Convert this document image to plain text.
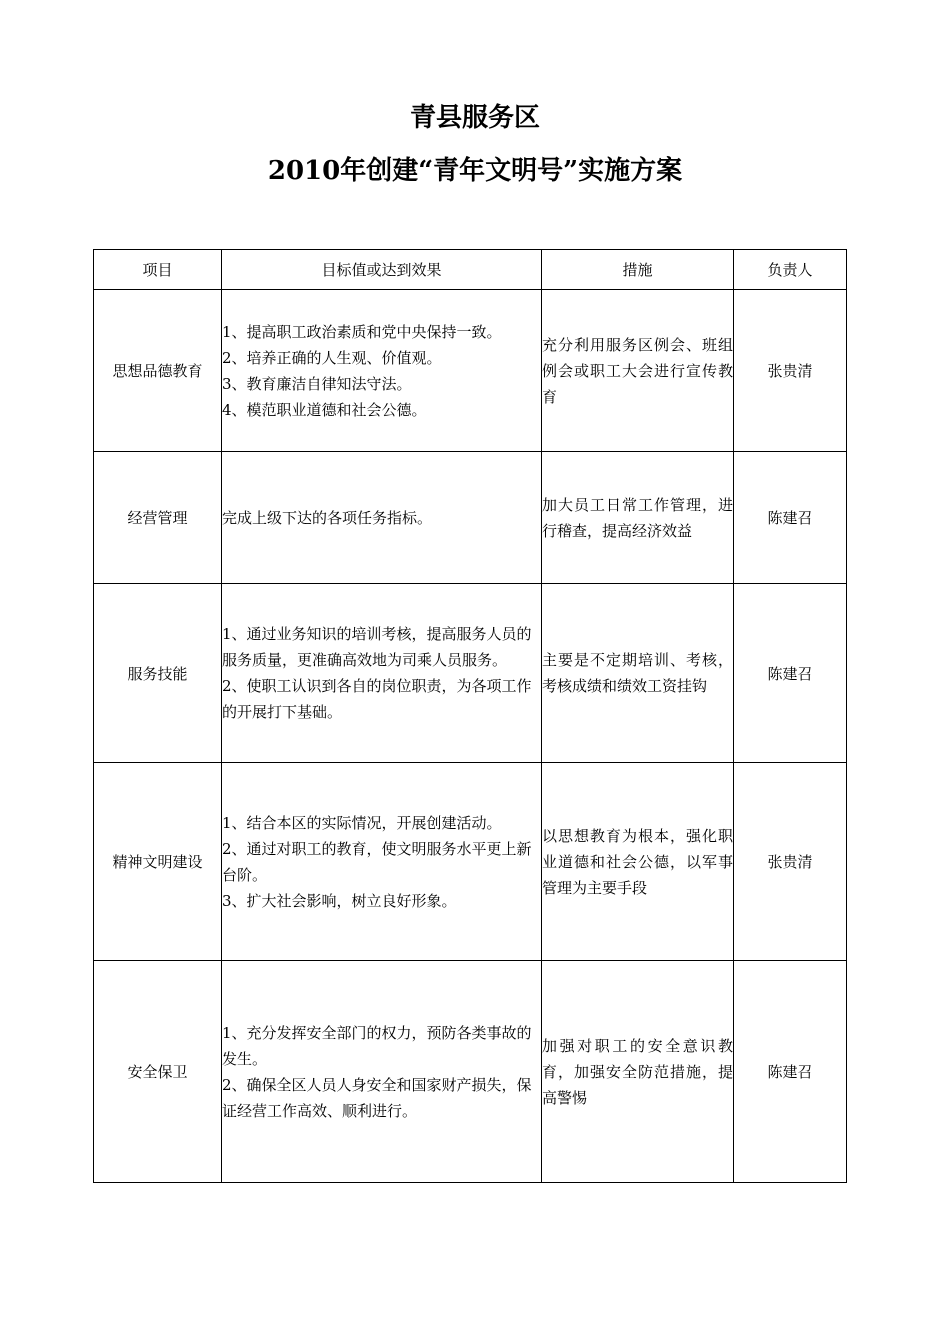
青县服务区
2010年创建“青年文明号”实施方案
项目	目标值或达到效果	措施	负责人
思想品德教育	1、提高职工政治素质和党中央保持一致。
2、培养正确的人生观、价值观。
3、教育廉洁自律知法守法。
4、模范职业道德和社会公德。	充分利用服务区例会、班组例会或职工大会进行宣传教育	张贵清
经营管理	完成上级下达的各项任务指标。	加大员工日常工作管理，进行稽查，提高经济效益	陈建召
服务技能	1、通过业务知识的培训考核，提高服务人员的服务质量，更准确高效地为司乘人员服务。
2、使职工认识到各自的岗位职责，为各项工作的开展打下基础。	主要是不定期培训、考核，考核成绩和绩效工资挂钩	陈建召
精神文明建设	1、结合本区的实际情况，开展创建活动。
2、通过对职工的教育，使文明服务水平更上新台阶。
3、扩大社会影响，树立良好形象。	以思想教育为根本，强化职业道德和社会公德，以军事管理为主要手段	张贵清
安全保卫	1、充分发挥安全部门的权力，预防各类事故的发生。
2、确保全区人员人身安全和国家财产损失，保证经营工作高效、顺利进行。	加强对职工的安全意识教育，加强安全防范措施，提高警惕	陈建召
